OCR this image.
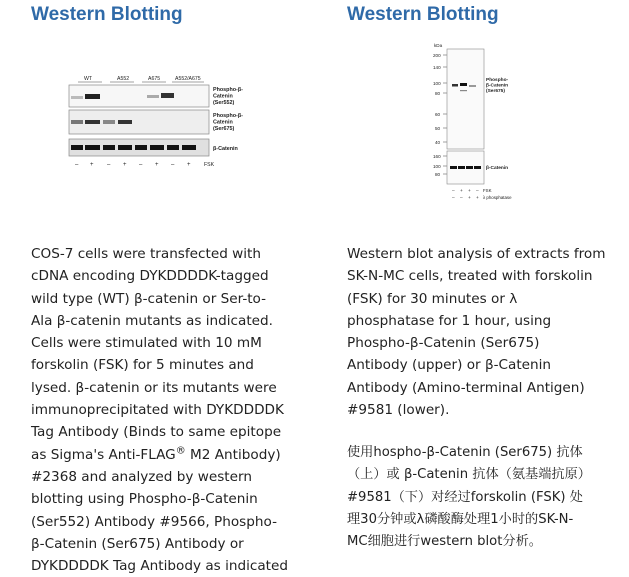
Western Blotting
WT	A552	A675	A552/A675
Phospho-β- Catenin (Ser552)
Phospho-β- Catenin (Ser675)
β-Catenin
– + – + – + – +	FSK

COS-7 cells were transfected with
cDNA encoding DYKDDDDK-tagged
wild type (WT) β-catenin or Ser-to-
Ala β-catenin mutants as indicated.
Cells were stimulated with 10 mM
forskolin (FSK) for 5 minutes and
lysed. β-catenin or its mutants were
immunoprecipitated with DYKDDDDK
Tag Antibody (Binds to same epitope
as Sigma's Anti-FLAG® M2 Antibody)
#2368 and analyzed by western
blotting using Phospho-β-Catenin
(Ser552) Antibody #9566, Phospho-
β-Catenin (Ser675) Antibody or
DYKDDDDK Tag Antibody as indicated

Western Blotting
kDa
200
140
100
80
60
50
40
Phospho- β-Catenin (Ser675)
160
100
80
β-Catenin
– + + –
– – + +
FSK
λ phosphatase

Western blot analysis of extracts from
SK-N-MC cells, treated with forskolin
(FSK) for 30 minutes or λ
phosphatase for 1 hour, using
Phospho-β-Catenin (Ser675)
Antibody (upper) or β-Catenin
Antibody (Amino-terminal Antigen)
#9581 (lower).

使用hospho-β-Catenin (Ser675) 抗体
（上）或 β-Catenin 抗体（氨基端抗原）
#9581（下）对经过forskolin (FSK) 处
理30分钟或λ磷酸酶处理1小时的SK-N-
MC细胞进行western blot分析。
